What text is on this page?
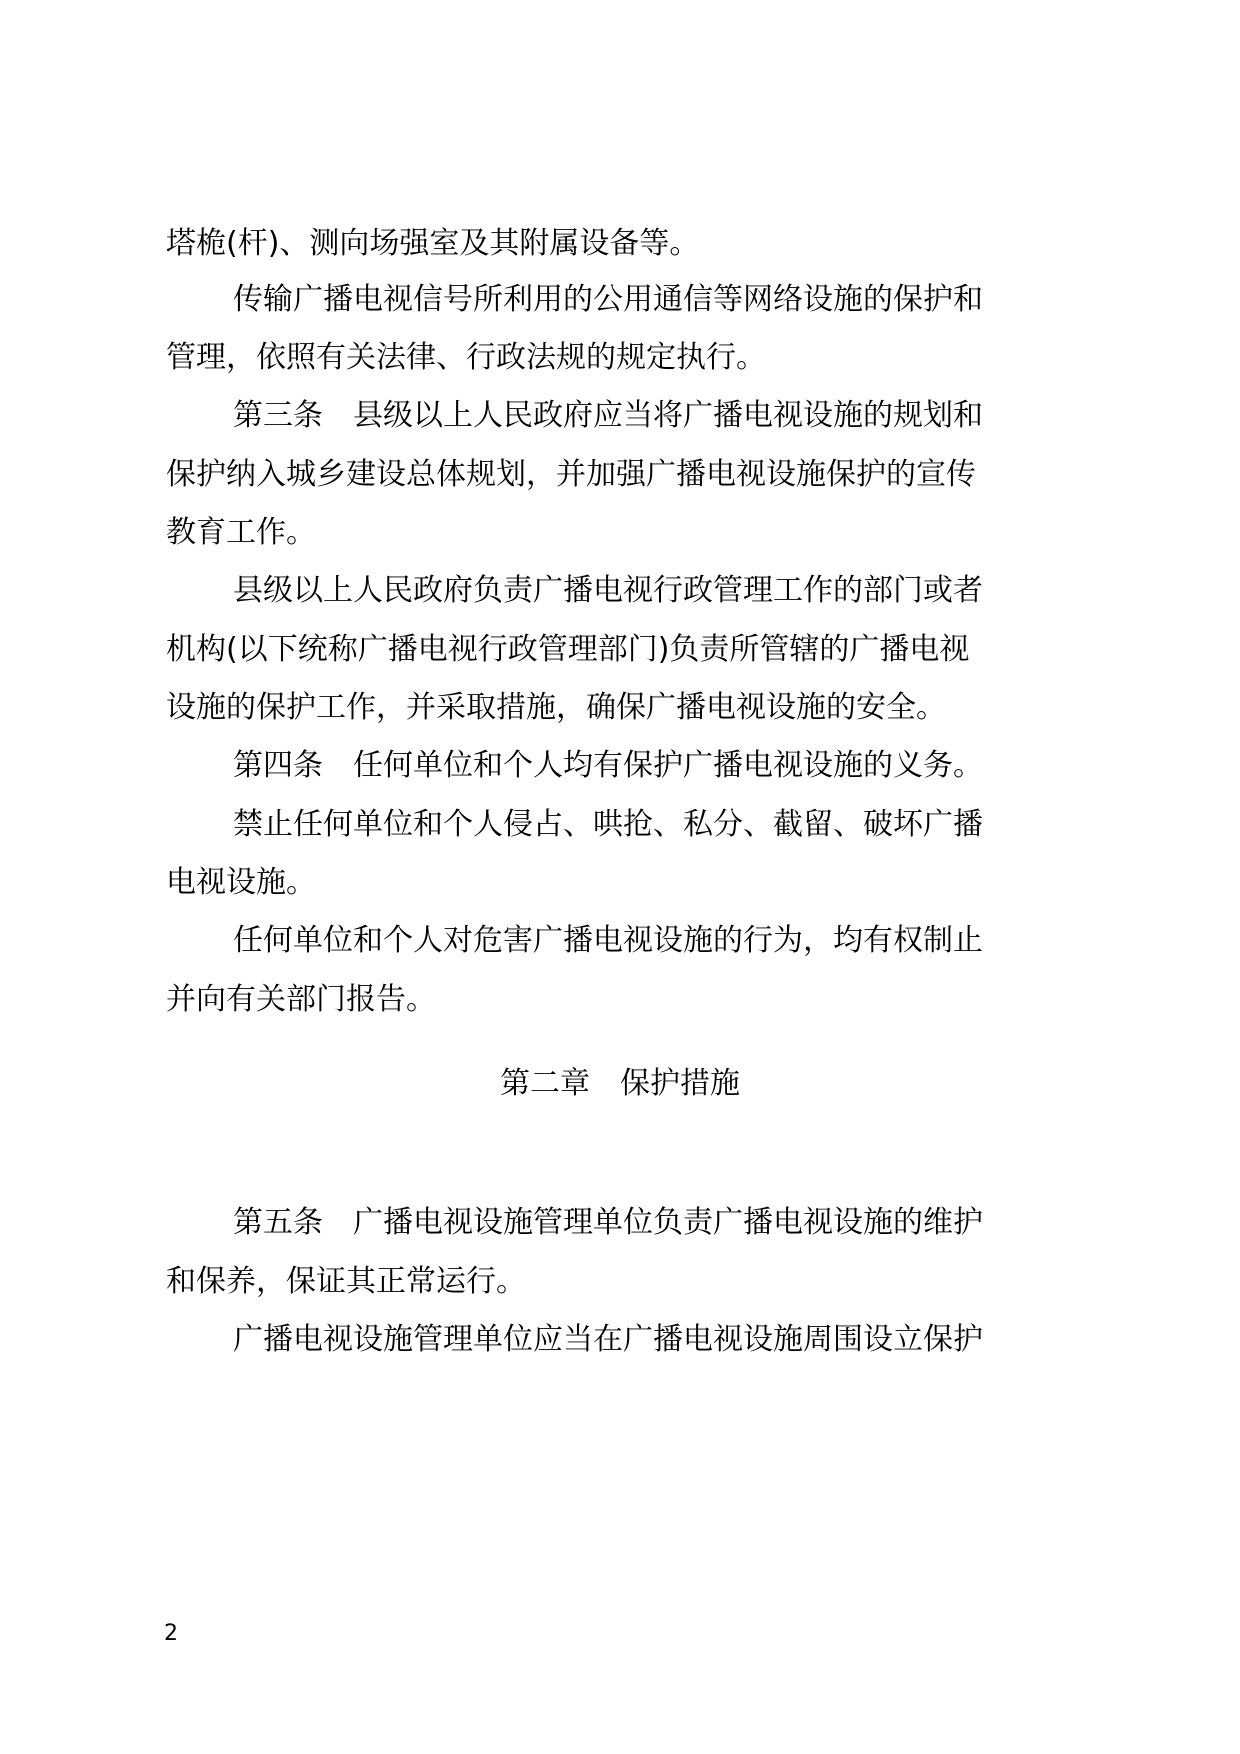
塔桅(杆)、测向场强室及其附属设备等。
传输广播电视信号所利用的公用通信等网络设施的保护和
管理，依照有关法律、行政法规的规定执行。
第三条　县级以上人民政府应当将广播电视设施的规划和
保护纳入城乡建设总体规划，并加强广播电视设施保护的宣传
教育工作。
县级以上人民政府负责广播电视行政管理工作的部门或者
机构(以下统称广播电视行政管理部门)负责所管辖的广播电视
设施的保护工作，并采取措施，确保广播电视设施的安全。
第四条　任何单位和个人均有保护广播电视设施的义务。
禁止任何单位和个人侵占、哄抢、私分、截留、破坏广播
电视设施。
任何单位和个人对危害广播电视设施的行为，均有权制止
并向有关部门报告。
第二章　保护措施
第五条　广播电视设施管理单位负责广播电视设施的维护
和保养，保证其正常运行。
广播电视设施管理单位应当在广播电视设施周围设立保护
2
